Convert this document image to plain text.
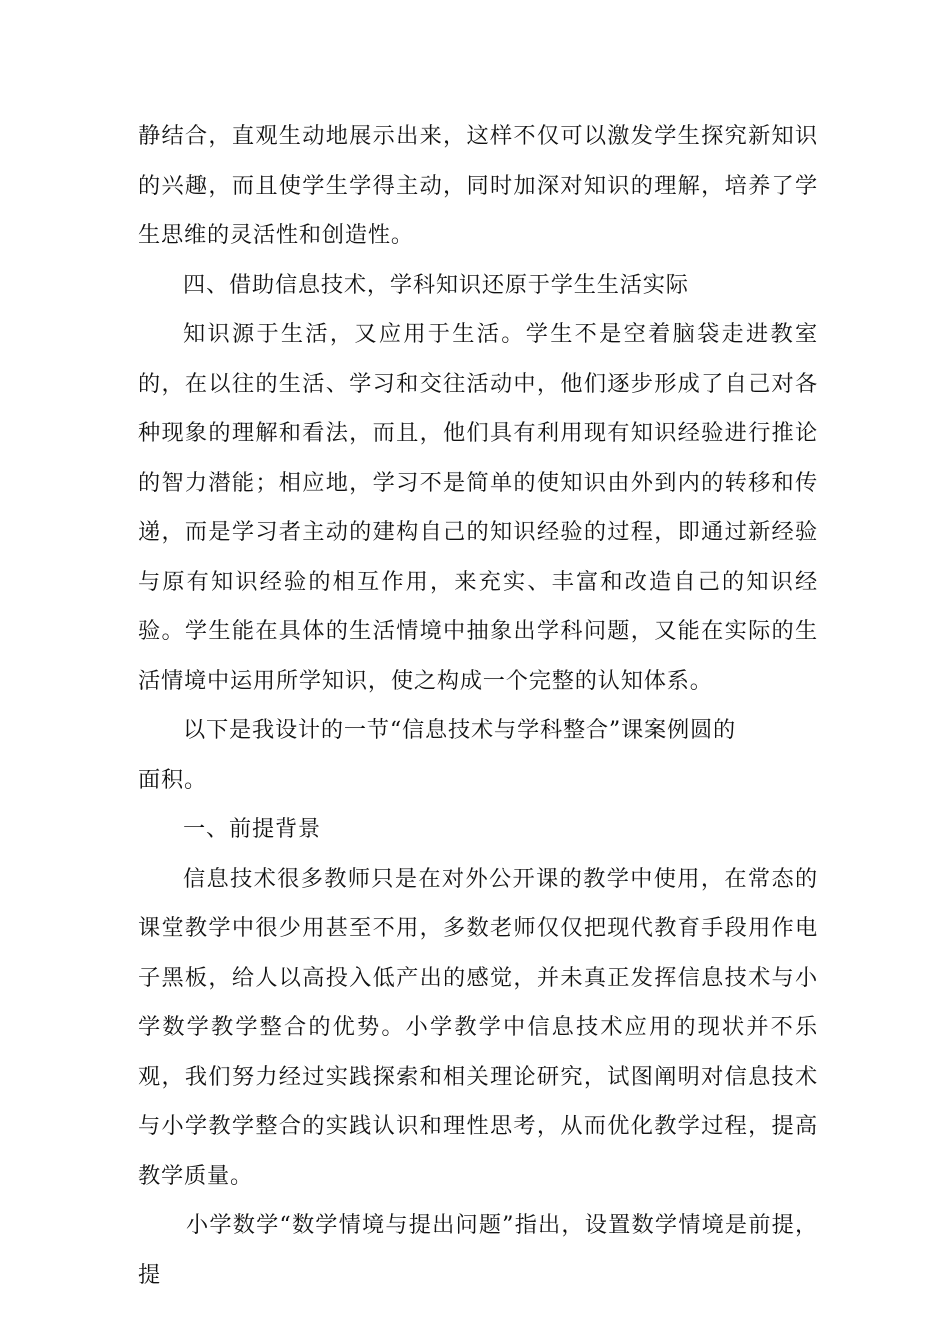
静结合，直观生动地展示出来，这样不仅可以激发学生探究新知识的兴趣，而且使学生学得主动，同时加深对知识的理解，培养了学生思维的灵活性和创造性。

四、借助信息技术，学科知识还原于学生生活实际

知识源于生活，又应用于生活。学生不是空着脑袋走进教室的，在以往的生活、学习和交往活动中，他们逐步形成了自己对各种现象的理解和看法，而且，他们具有利用现有知识经验进行推论的智力潜能；相应地，学习不是简单的使知识由外到内的转移和传递，而是学习者主动的建构自己的知识经验的过程，即通过新经验与原有知识经验的相互作用，来充实、丰富和改造自己的知识经验。学生能在具体的生活情境中抽象出学科问题，又能在实际的生活情境中运用所学知识，使之构成一个完整的认知体系。

以下是我设计的一节“信息技术与学科整合”课案例圆的

面积。

一、前提背景

信息技术很多教师只是在对外公开课的教学中使用，在常态的课堂教学中很少用甚至不用，多数老师仅仅把现代教育手段用作电子黑板，给人以高投入低产出的感觉，并未真正发挥信息技术与小学数学教学整合的优势。小学教学中信息技术应用的现状并不乐观，我们努力经过实践探索和相关理论研究，试图阐明对信息技术与小学教学整合的实践认识和理性思考，从而优化教学过程，提高教学质量。

小学数学“数学情境与提出问题”指出，设置数学情境是前提，提
